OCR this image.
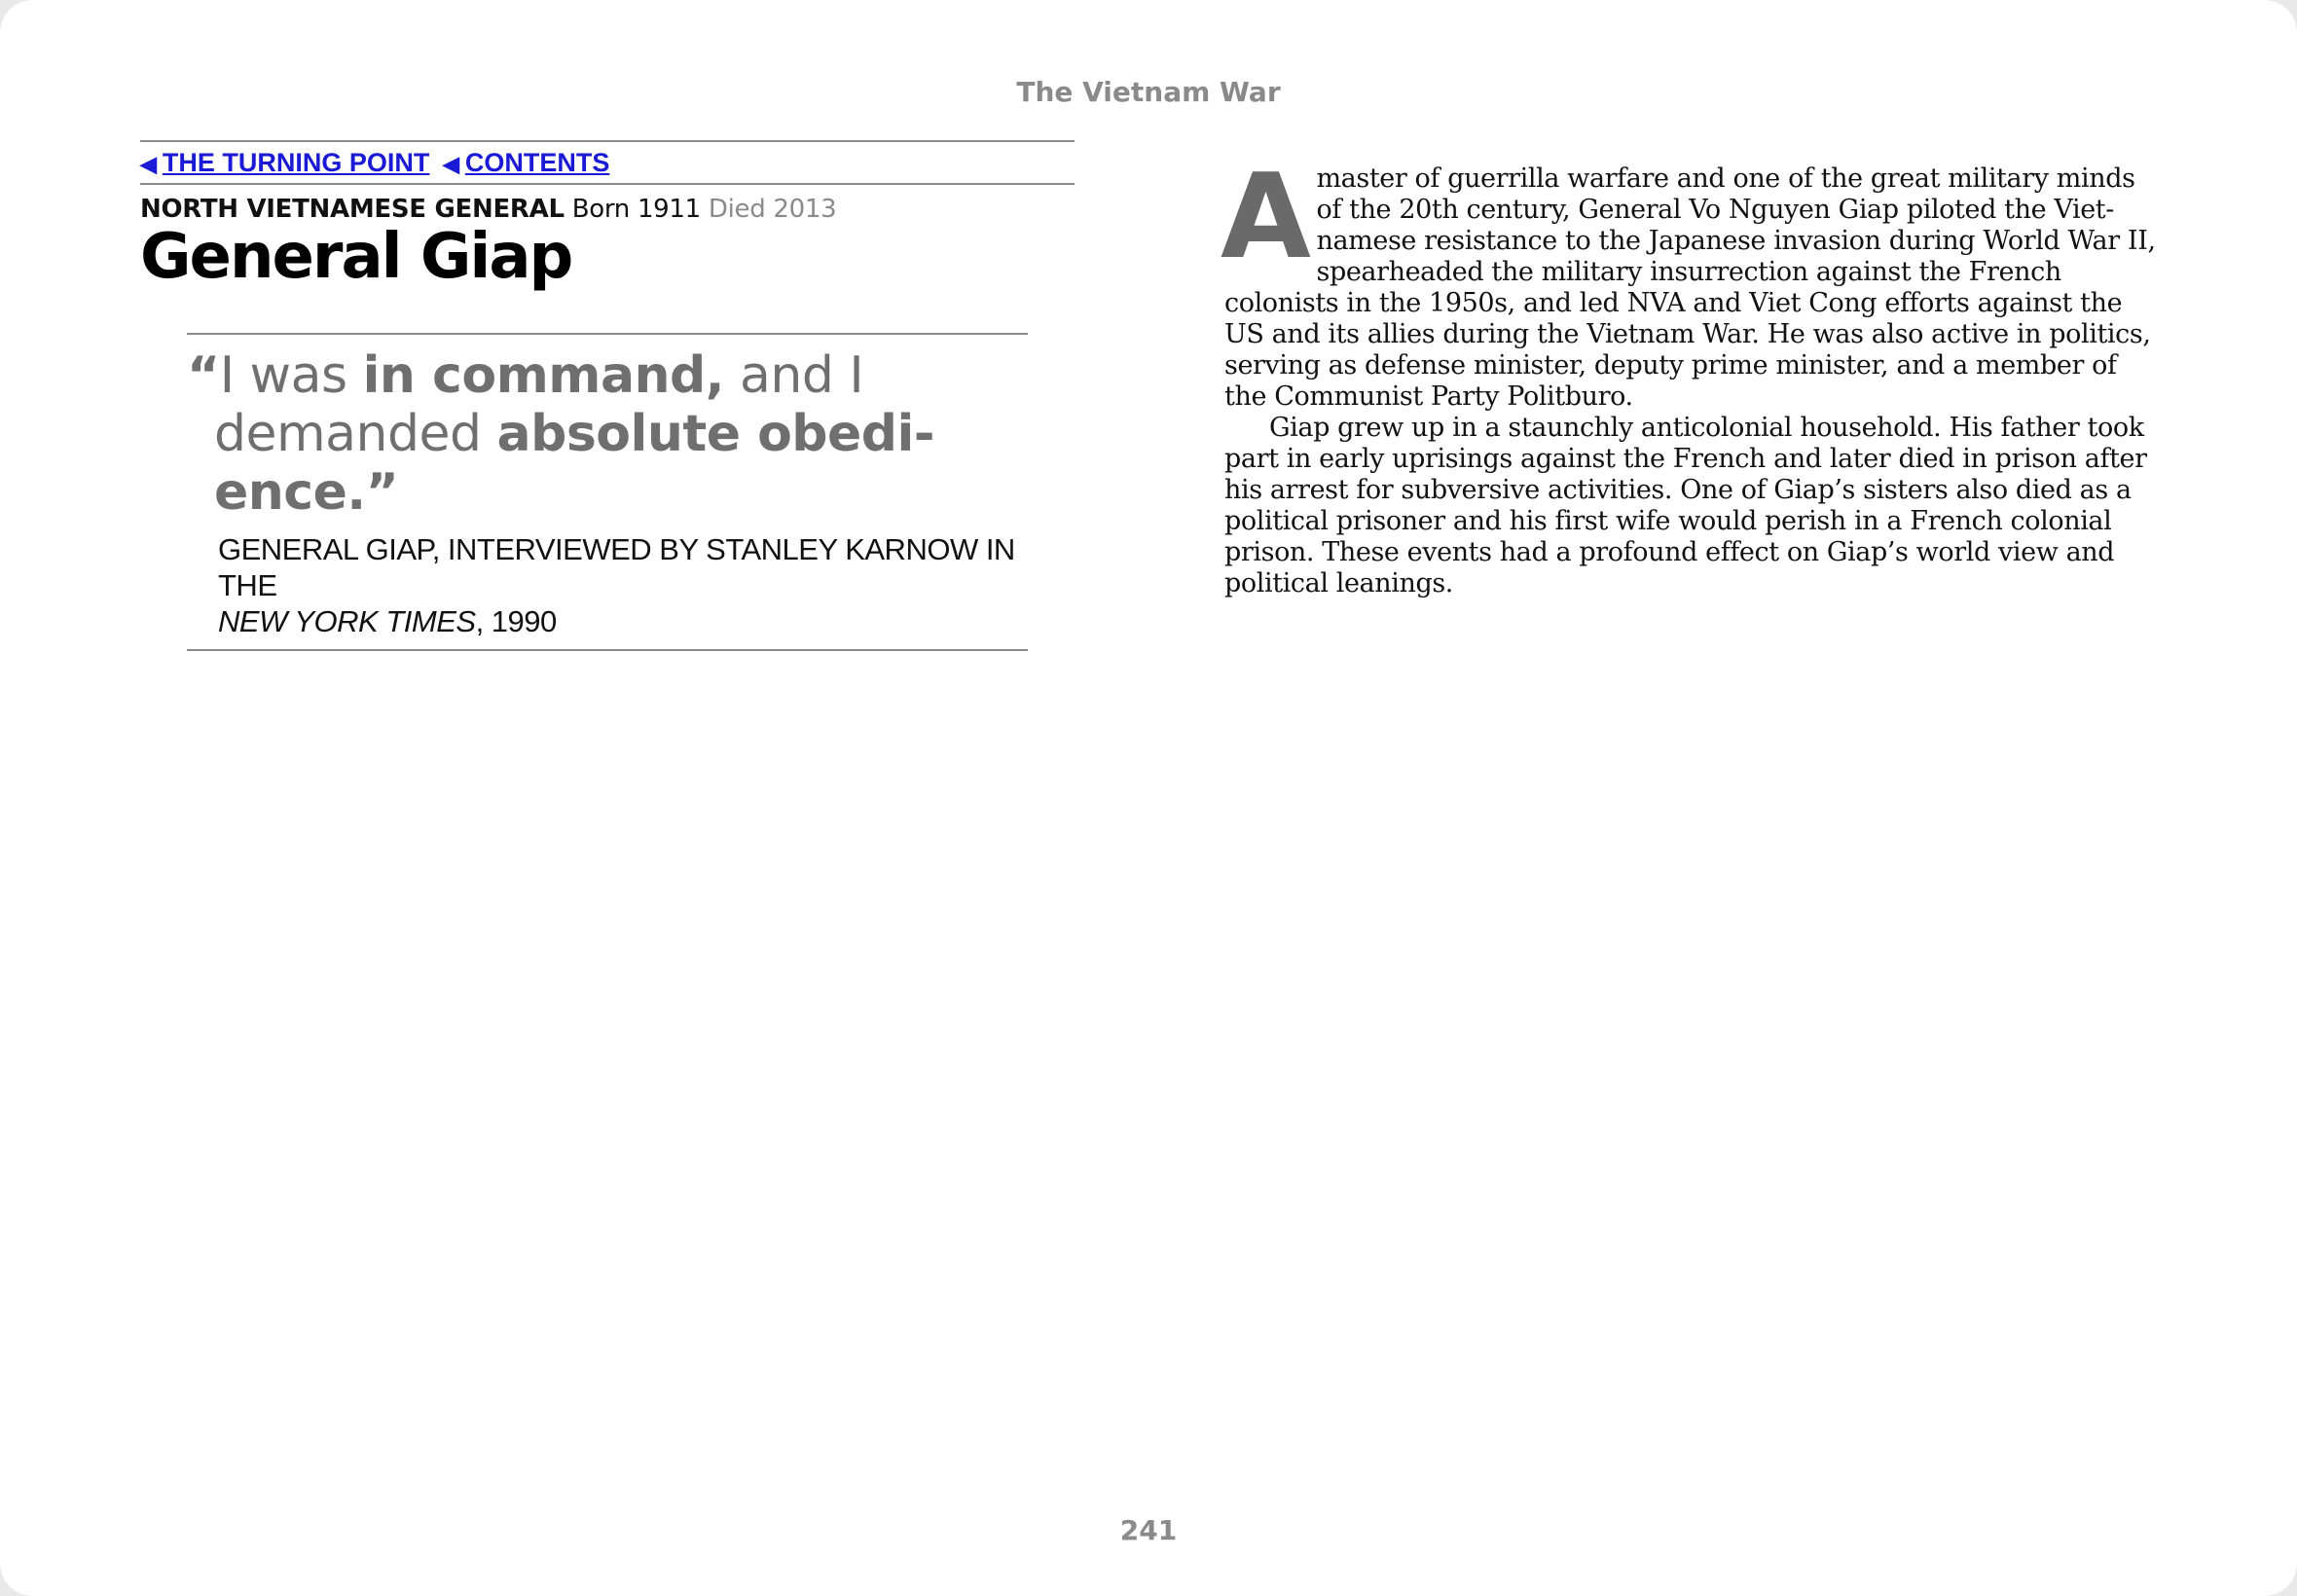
The Vietnam War
◀ THE TURNING POINT ◀ CONTENTS
NORTH VIETNAMESE GENERAL Born 1911 Died 2013
General Giap
“I was in command, and I demanded absolute obedi-ence.”
GENERAL GIAP, INTERVIEWED BY STANLEY KARNOW IN THE
NEW YORK TIMES, 1990

Amaster of guerrilla warfare and one of the great military minds of the 20th century, General Vo Nguyen Giap piloted the Viet-namese resistance to the Japanese invasion during World War II, spearheaded the military insurrection against the French colonists in the 1950s, and led NVA and Viet Cong efforts against the US and its allies during the Vietnam War. He was also active in politics, serving as defense minister, deputy prime minister, and a member of the Communist Party Politburo.

Giap grew up in a staunchly anticolonial household. His father took part in early uprisings against the French and later died in prison after his arrest for subversive activities. One of Giap’s sisters also died as a political prisoner and his first wife would perish in a French colonial prison. These events had a profound effect on Giap’s world view and political leanings.

241
